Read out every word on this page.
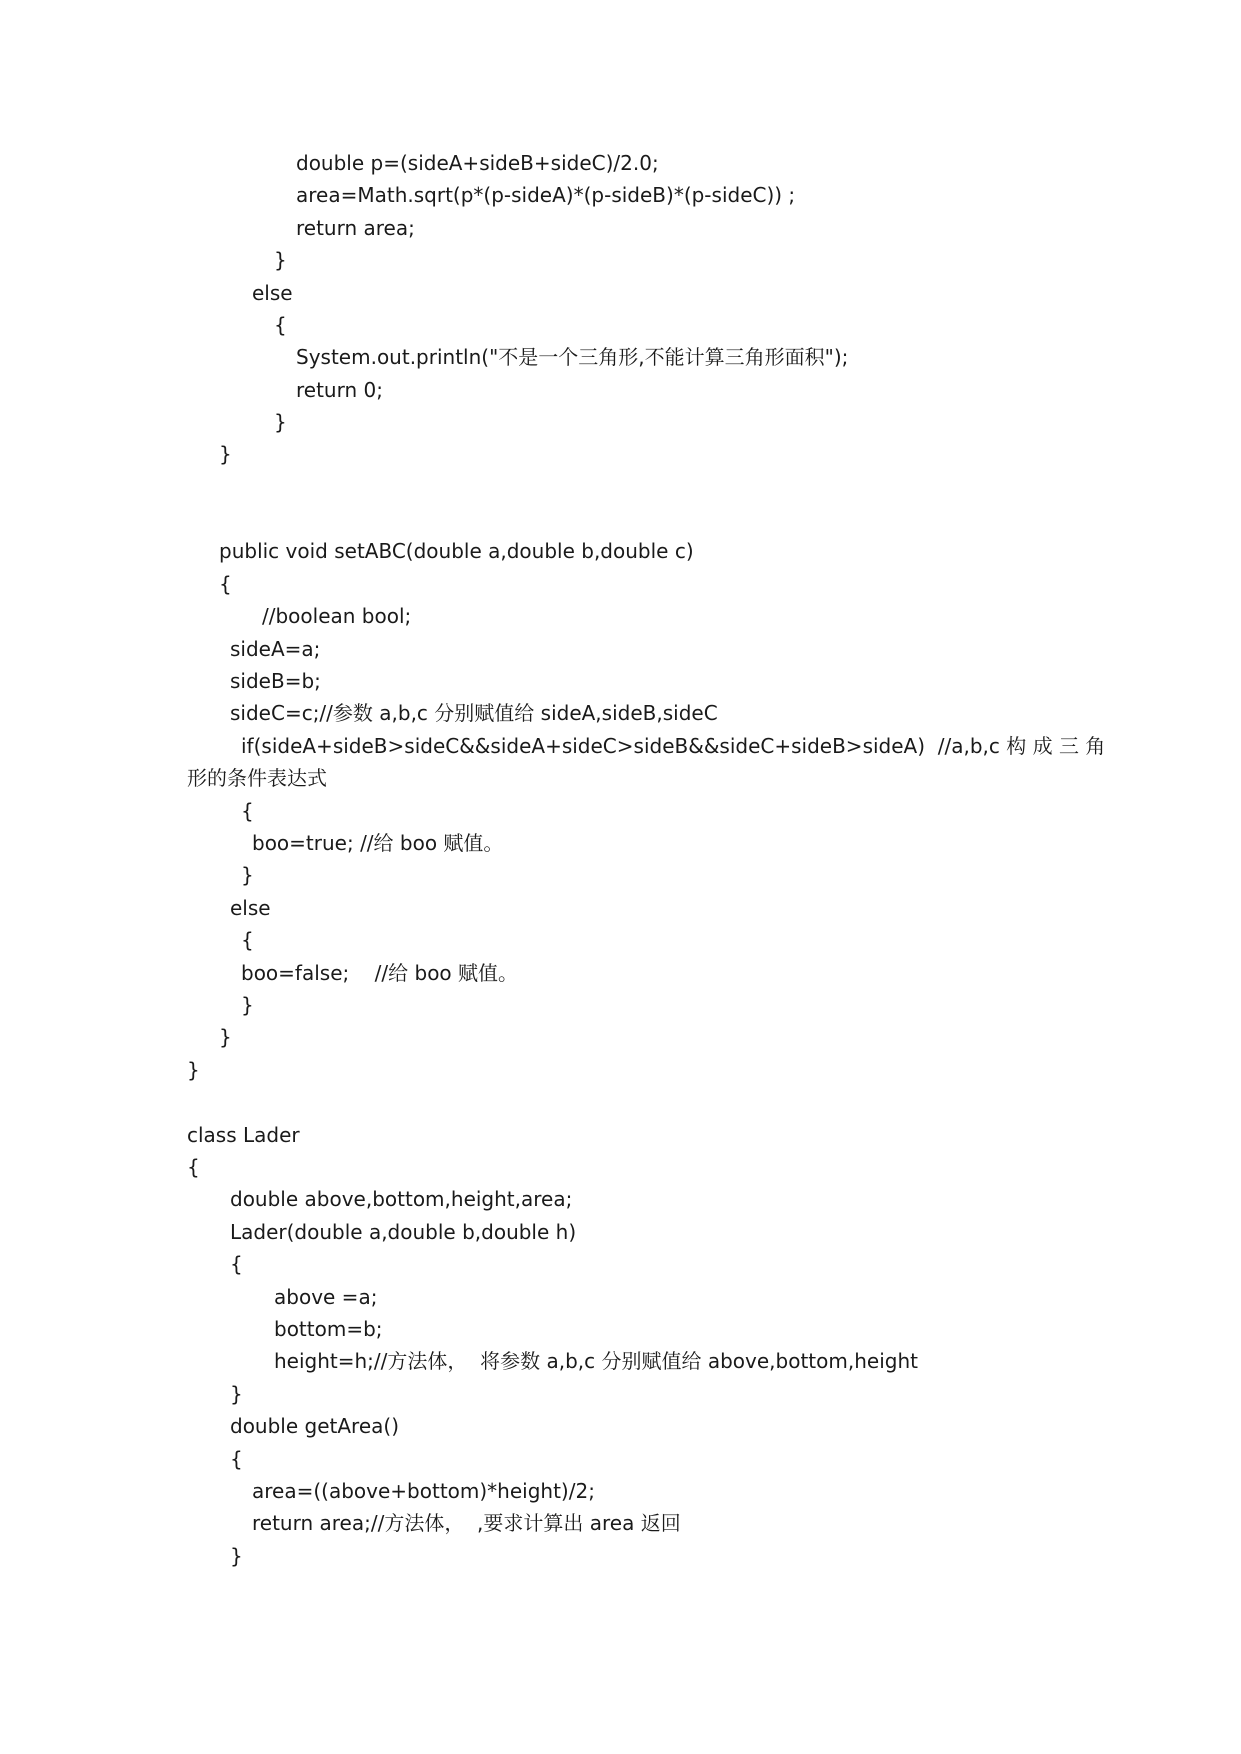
double p=(sideA+sideB+sideC)/2.0;
area=Math.sqrt(p*(p-sideA)*(p-sideB)*(p-sideC)) ;
return area;
}
else
{
System.out.println("不是一个三角形,不能计算三角形面积");
return 0;
}
}
public void setABC(double a,double b,double c)
{
//boolean bool;
sideA=a;
sideB=b;
sideC=c;//参数 a,b,c 分别赋值给 sideA,sideB,sideC
if(sideA+sideB>sideC&&sideA+sideC>sideB&&sideC+sideB>sideA)  //a,b,c 构 成 三 角
形的条件表达式
{
boo=true; //给 boo 赋值。
}
else
{
boo=false;    //给 boo 赋值。
}
}
}
class Lader
{
double above,bottom,height,area;
Lader(double a,double b,double h)
{
above =a;
bottom=b;
height=h;//方法体，  将参数 a,b,c 分别赋值给 above,bottom,height
}
double getArea()
{
area=((above+bottom)*height)/2;
return area;//方法体，  ,要求计算出 area 返回
}
